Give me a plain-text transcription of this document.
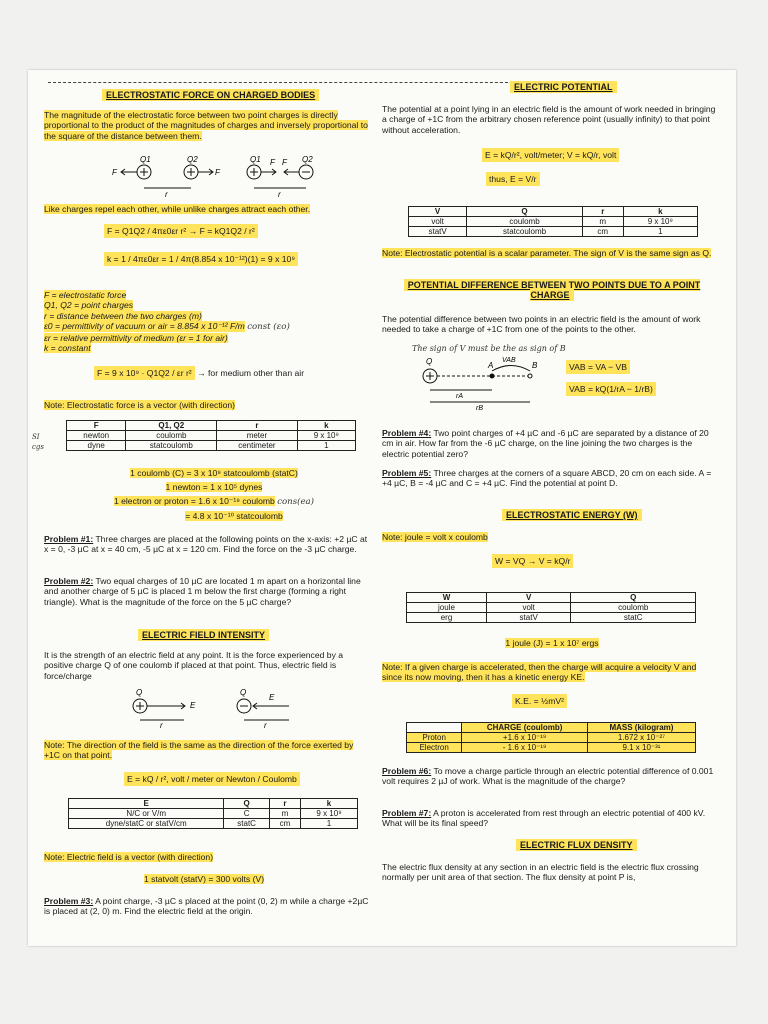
ELECTROSTATIC FORCE ON CHARGED BODIES
The magnitude of the electrostatic force between two point charges is directly proportional to the product of the magnitudes of charges and inversely proportional to the square of the distance between them.
Q1	Q2
F	F
r
Q1	Q2
F F
r
Like charges repel each other, while unlike charges attract each other.
F = Q1Q2 / 4πε0εr r² → F = kQ1Q2 / r²
k = 1 / 4πε0εr = 1 / 4π(8.854 x 10⁻¹²)(1) = 9 x 10⁹
F = electrostatic force
Q1, Q2 = point charges
r = distance between the two charges (m)
ε0 = permittivity of vacuum or air = 8.854 x 10⁻¹² F/m const (εo)
εr = relative permittivity of medium (εr = 1 for air)
k = constant
F = 9 x 10⁹ · Q1Q2 / εr r² → for medium other than air
Note: Electrostatic force is a vector (with direction)
SI
cgs
F	Q1, Q2	r	k
newton	coulomb	meter	9 x 10⁹
dyne	statcoulomb	centimeter	1
1 coulomb (C) = 3 x 10⁹ statcoulomb (statC)
1 newton = 1 x 10⁵ dynes
1 electron or proton = 1.6 x 10⁻¹⁹ coulomb cons(ea)
= 4.8 x 10⁻¹⁰ statcoulomb
Problem #1: Three charges are placed at the following points on the x-axis: +2 µC at x = 0, -3 µC at x = 40 cm, -5 µC at x = 120 cm. Find the force on the -3 µC charge.
Problem #2: Two equal charges of 10 µC are located 1 m apart on a horizontal line and another charge of 5 µC is placed 1 m below the first charge (forming a right triangle). What is the magnitude of the force on the 5 µC charge?
ELECTRIC FIELD INTENSITY
It is the strength of an electric field at any point. It is the force experienced by a positive charge Q of one coulomb if placed at that point. Thus, electric field is force/charge
Q
E
r
Q
E
r
Note: The direction of the field is the same as the direction of the force exerted by +1C on that point.
E = kQ / r², volt / meter or Newton / Coulomb
E	Q	r	k
N/C or V/m	C	m	9 x 10⁹
dyne/statC or statV/cm	statC	cm	1
Note: Electric field is a vector (with direction)
1 statvolt (statV) = 300 volts (V)
Problem #3: A point charge, -3 µC s placed at the point (0, 2) m while a charge +2µC is placed at (2, 0) m. Find the electric field at the origin.
ELECTRIC POTENTIAL
The potential at a point lying in an electric field is the amount of work needed in bringing a charge of +1C from the arbitrary chosen reference point (usually infinity) to that point without acceleration.
E = kQ/r², volt/meter; V = kQ/r, volt
thus, E = V/r
V	Q	r	k
volt	coulomb	m	9 x 10⁹
statV	statcoulomb	cm	1
Note: Electrostatic potential is a scalar parameter. The sign of V is the same sign as Q.
POTENTIAL DIFFERENCE BETWEEN TWO POINTS DUE TO A POINT CHARGE
The potential difference between two points in an electric field is the amount of work needed to take a charge of +1C from one of the points to the other.
The sign of V must be the as sign of B
Q	A	B
VAB
rA
rB
VAB = VA − VB
VAB = kQ(1/rA − 1/rB)
Problem #4: Two point charges of +4 µC and -6 µC are separated by a distance of 20 cm in air. How far from the -6 µC charge, on the line joining the two charges is the electric potential zero?
Problem #5: Three charges at the corners of a square ABCD, 20 cm on each side. A = +4 µC, B = -4 µC and C = +4 µC. Find the potential at point D.
ELECTROSTATIC ENERGY (W)
Note: joule = volt x coulomb
W = VQ → V = kQ/r
W	V	Q
joule	volt	coulomb
erg	statV	statC
1 joule (J) = 1 x 10⁷ ergs
Note: If a given charge is accelerated, then the charge will acquire a velocity V and since its now moving, then it has a kinetic energy KE.
K.E. = ½mV²
	CHARGE (coulomb)	MASS (kilogram)
Proton	+1.6 x 10⁻¹⁹	1.672 x 10⁻²⁷
Electron	- 1.6 x 10⁻¹⁹	9.1 x 10⁻³¹
Problem #6: To move a charge particle through an electric potential difference of 0.001 volt requires 2 µJ of work. What is the magnitude of the charge?
Problem #7: A proton is accelerated from rest through an electric potential of 400 kV. What will be its final speed?
ELECTRIC FLUX DENSITY
The electric flux density at any section in an electric field is the electric flux crossing normally per unit area of that section. The flux density at point P is,
